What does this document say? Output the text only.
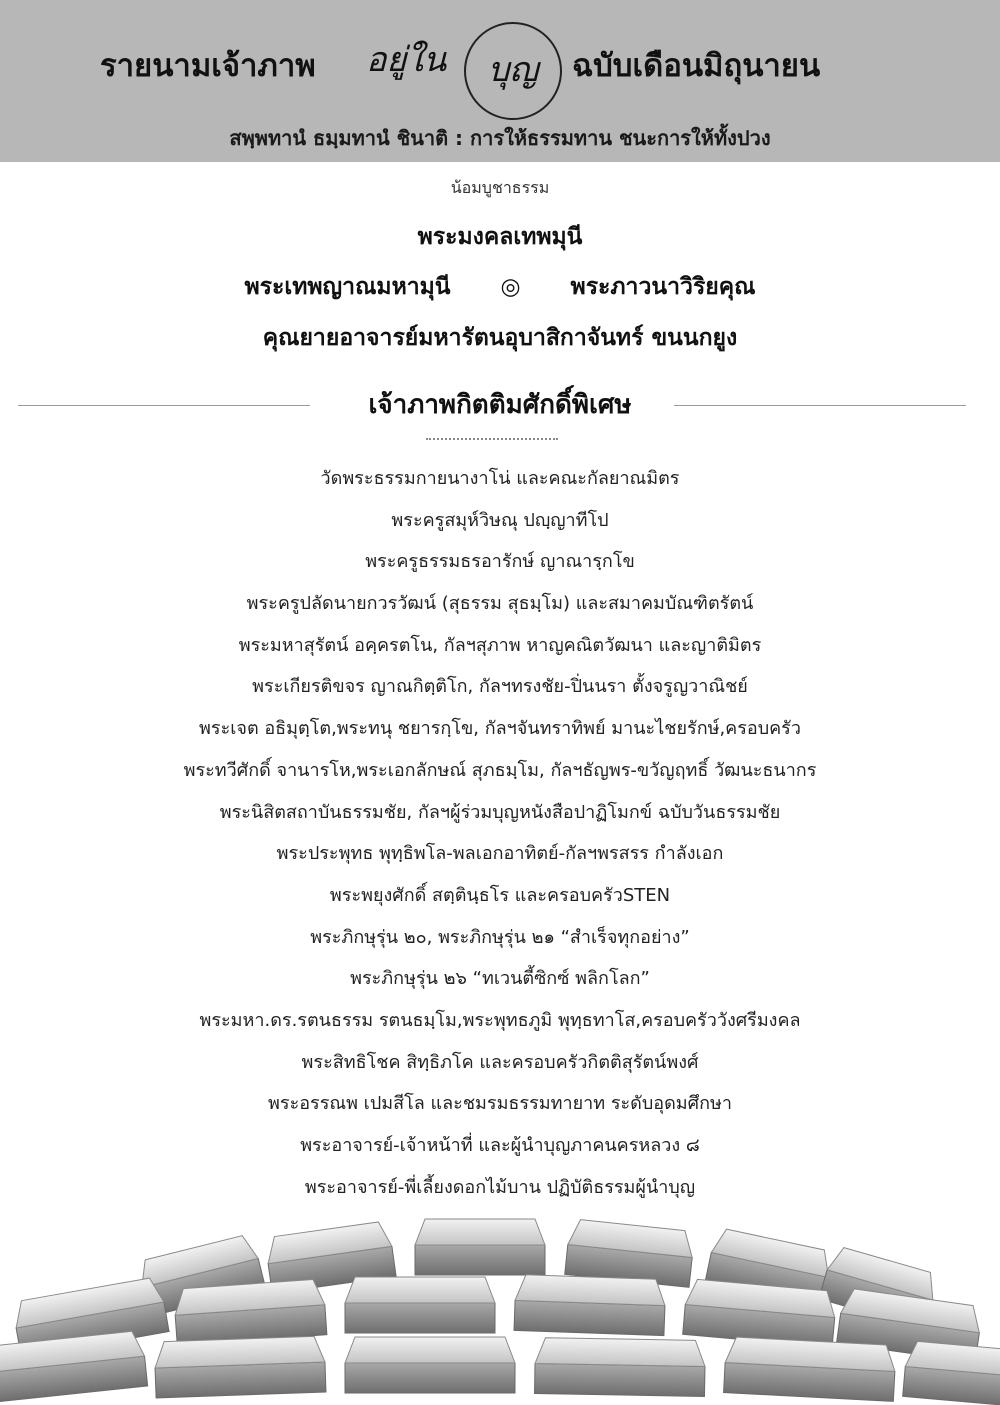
รายนามเจ้าภาพ อยู่ใน	บุญ	ฉบับเดือนมิถุนายน
สพฺพทานํ ธมฺมทานํ ชินาติ : การให้ธรรมทาน ชนะการให้ทั้งปวง
น้อมบูชาธรรม
พระมงคลเทพมุนี
พระเทพญาณมหามุนี ◎ พระภาวนาวิริยคุณ
คุณยายอาจารย์มหารัตนอุบาสิกาจันทร์ ขนนกยูง
เจ้าภาพกิตติมศักดิ์พิเศษ
วัดพระธรรมกายนางาโน่ และคณะกัลยาณมิตร
พระครูสมุห์วิษณุ ปญฺญาทีโป
พระครูธรรมธรอารักษ์ ญาณารฺกโข
พระครูปลัดนายกวรวัฒน์ (สุธรรม สุธมฺโม) และสมาคมบัณฑิตรัตน์
พระมหาสุรัตน์ อคฺครตโน, กัลฯสุภาพ หาญคณิตวัฒนา และญาติมิตร
พระเกียรติขจร ญาณกิตฺติโก, กัลฯทรงชัย-ปิ่นนรา ตั้งจรูญวาณิชย์
พระเจต อธิมุตฺโต,พระทนุ ชยารกฺโข, กัลฯจันทราทิพย์ มานะไชยรักษ์,ครอบครัว
พระทวีศักดิ์ จานารโห,พระเอกลักษณ์ สุภธมฺโม, กัลฯธัญพร-ขวัญฤทธิ์ วัฒนะธนากร
พระนิสิตสถาบันธรรมชัย, กัลฯผู้ร่วมบุญหนังสือปาฏิโมกข์ ฉบับวันธรรมชัย
พระประพุทธ พุทฺธิพโล-พลเอกอาทิตย์-กัลฯพรสรร กำลังเอก
พระพยุงศักดิ์ สตฺตินฺธโร และครอบครัวSTEN
พระภิกษุรุ่น ๒๐, พระภิกษุรุ่น ๒๑ “สำเร็จทุกอย่าง”
พระภิกษุรุ่น ๒๖ “ทเวนตี้ซิกซ์ พลิกโลก”
พระมหา.ดร.รตนธรรม รตนธมฺโม,พระพุทธภูมิ พุทฺธทาโส,ครอบครัววังศรีมงคล
พระสิทธิโชค สิทฺธิภโค และครอบครัวกิตติสุรัตน์พงศ์
พระอรรณพ เปมสีโล และชมรมธรรมทายาท ระดับอุดมศึกษา
พระอาจารย์-เจ้าหน้าที่ และผู้นำบุญภาคนครหลวง ๘
พระอาจารย์-พี่เลี้ยงดอกไม้บาน ปฏิบัติธรรมผู้นำบุญ
